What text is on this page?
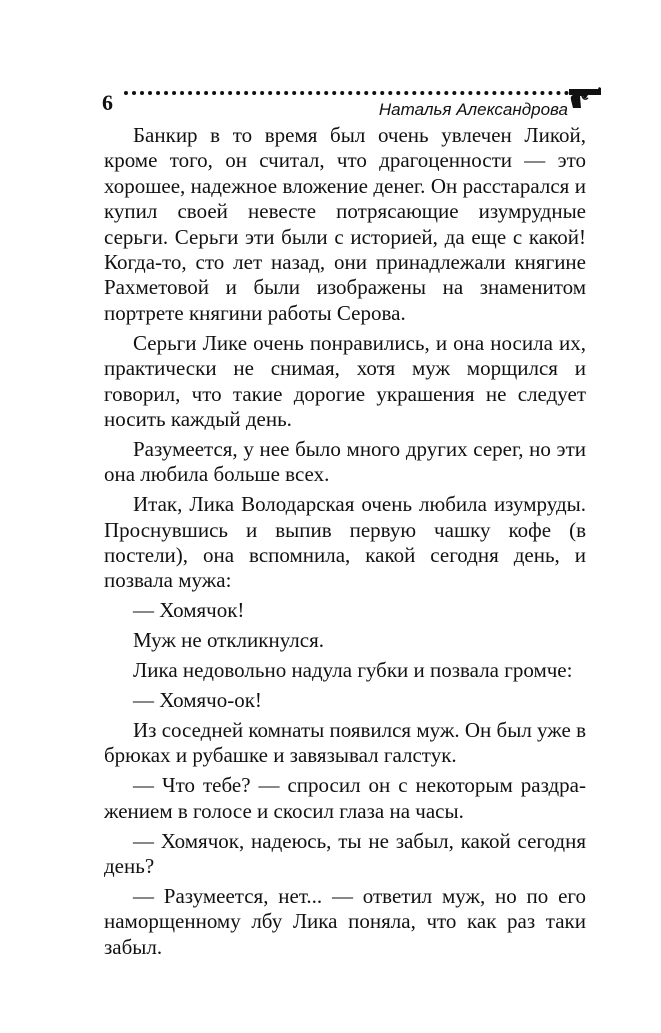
6	Наталья Александрова

Банкир в то время был очень увлечен Ликой, кроме того, он считал, что драгоценности — это хорошее, надежное вложение денег. Он расстарался и купил своей невесте потрясающие изумрудные серьги. Серьги эти были с историей, да еще с какой! Когда-то, сто лет назад, они принадлежали княгине Рахметовой и были изображены на знаменитом портрете княгини работы Серова.

Серьги Лике очень понравились, и она носила их, практически не снимая, хотя муж морщился и говорил, что такие дорогие украшения не следует носить каждый день.

Разумеется, у нее было много других серег, но эти она любила больше всех.

Итак, Лика Володарская очень любила изумруды. Проснувшись и выпив первую чашку кофе (в постели), она вспомнила, какой сегодня день, и позвала мужа:

— Хомячок!

Муж не откликнулся.

Лика недовольно надула губки и позвала громче:

— Хомячо-ок!

Из соседней комнаты появился муж. Он был уже в брюках и рубашке и завязывал галстук.

— Что тебе? — спросил он с некоторым раздражением в голосе и скосил глаза на часы.

— Хомячок, надеюсь, ты не забыл, какой сегодня день?

— Разумеется, нет... — ответил муж, но по его наморщенному лбу Лика поняла, что как раз таки забыл.
